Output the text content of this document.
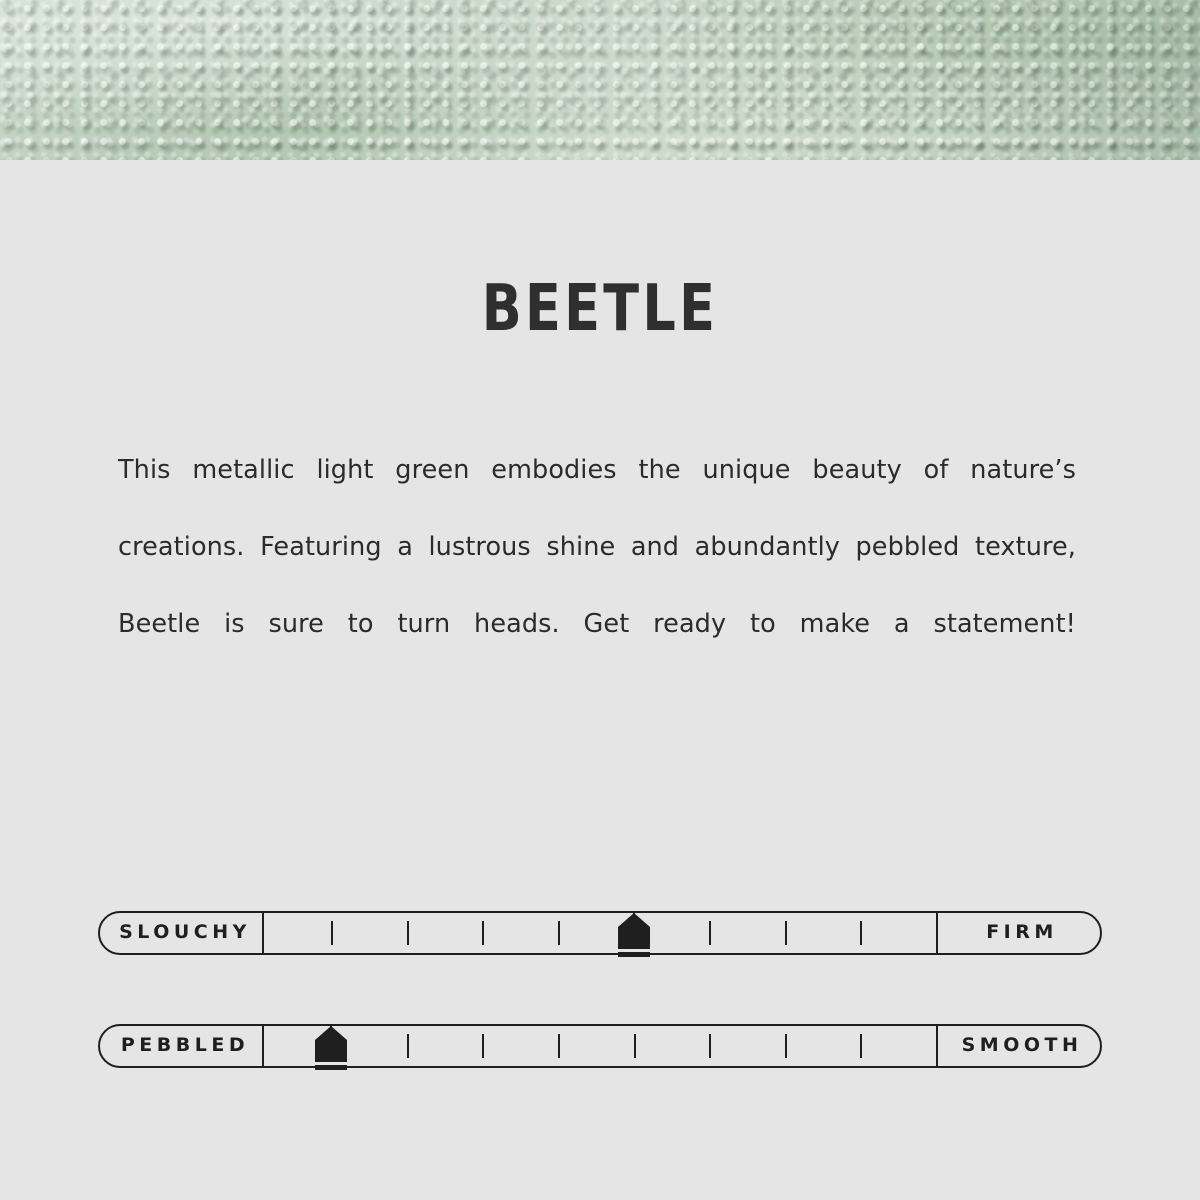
BEETLE
This metallic light green embodies the unique beauty of nature’s creations. Featuring a lustrous shine and abundantly pebbled texture, Beetle is sure to turn heads. Get ready to make a statement!
SLOUCHY	FIRM
PEBBLED	SMOOTH
